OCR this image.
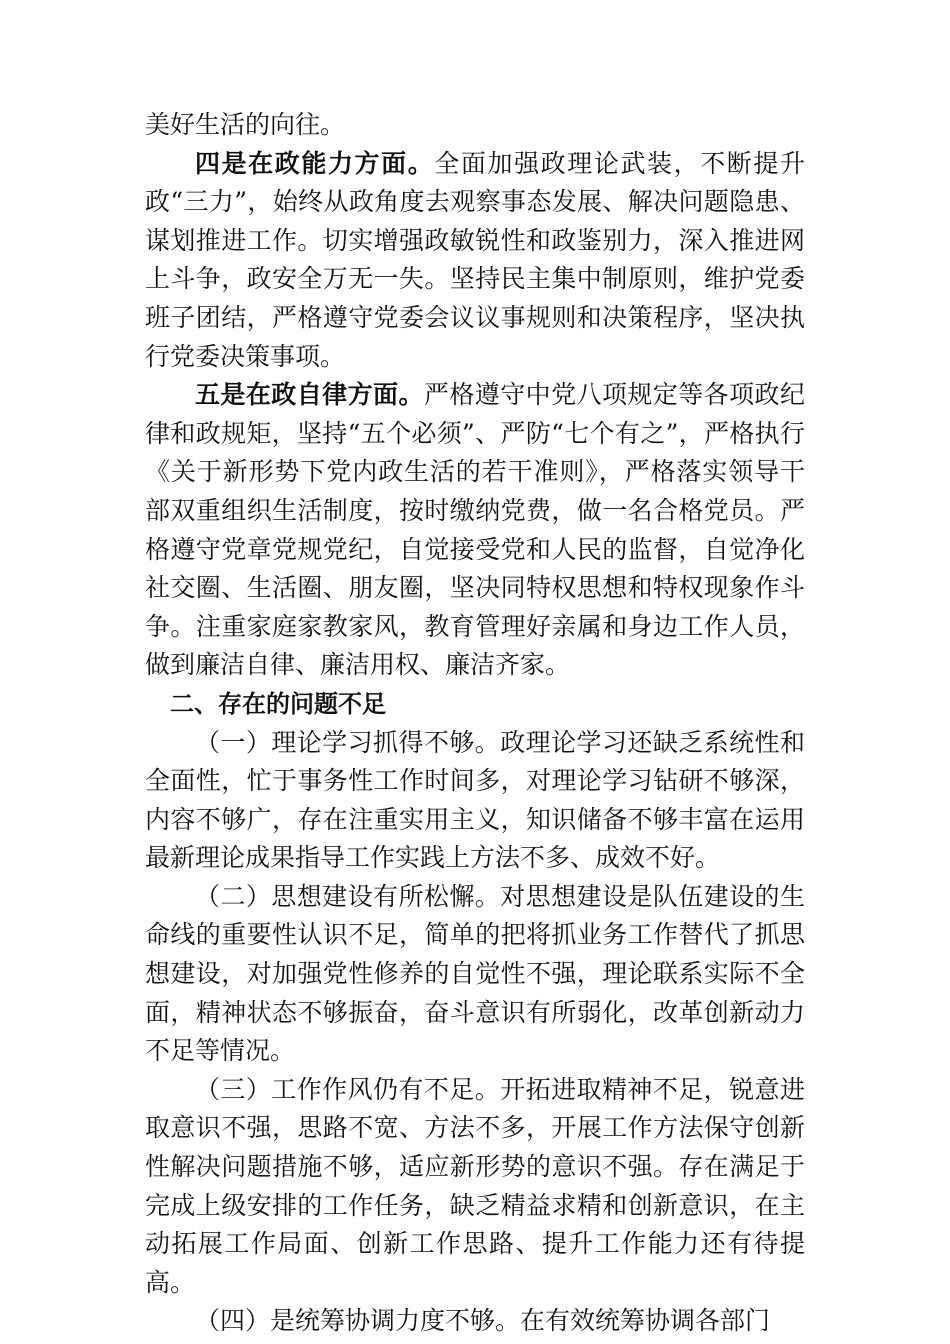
美好生活的向往。

四是在政能力方面。全面加强政理论武装，不断提升政“三力”，始终从政角度去观察事态发展、解决问题隐患、谋划推进工作。切实增强政敏锐性和政鉴别力，深入推进网上斗争，政安全万无一失。坚持民主集中制原则，维护党委班子团结，严格遵守党委会议议事规则和决策程序，坚决执行党委决策事项。

五是在政自律方面。严格遵守中党八项规定等各项政纪律和政规矩，坚持“五个必须”、严防“七个有之”，严格执行《关于新形势下党内政生活的若干准则》，严格落实领导干部双重组织生活制度，按时缴纳党费，做一名合格党员。严格遵守党章党规党纪，自觉接受党和人民的监督，自觉净化社交圈、生活圈、朋友圈，坚决同特权思想和特权现象作斗争。注重家庭家教家风，教育管理好亲属和身边工作人员，做到廉洁自律、廉洁用权、廉洁齐家。

二、存在的问题不足

（一）理论学习抓得不够。政理论学习还缺乏系统性和全面性，忙于事务性工作时间多，对理论学习钻研不够深，内容不够广，存在注重实用主义，知识储备不够丰富在运用最新理论成果指导工作实践上方法不多、成效不好。

（二）思想建设有所松懈。对思想建设是队伍建设的生命线的重要性认识不足，简单的把将抓业务工作替代了抓思想建设，对加强党性修养的自觉性不强，理论联系实际不全面，精神状态不够振奋，奋斗意识有所弱化，改革创新动力不足等情况。

（三）工作作风仍有不足。开拓进取精神不足，锐意进取意识不强，思路不宽、方法不多，开展工作方法保守创新性解决问题措施不够，适应新形势的意识不强。存在满足于完成上级安排的工作任务，缺乏精益求精和创新意识，在主动拓展工作局面、创新工作思路、提升工作能力还有待提高。

（四）是统筹协调力度不够。在有效统筹协调各部门
